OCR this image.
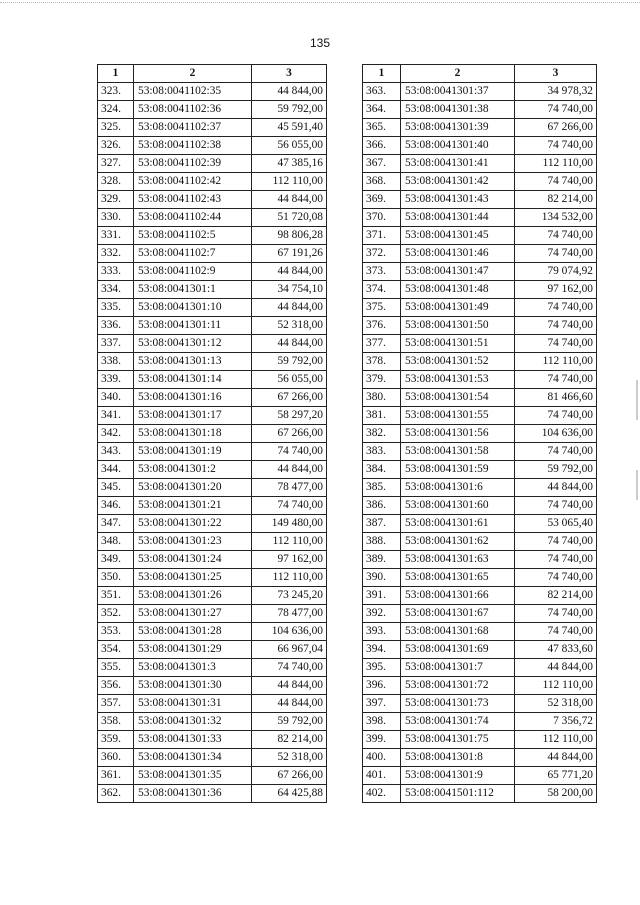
135
1	2	3
323.	53:08:0041102:35	44 844,00
324.	53:08:0041102:36	59 792,00
325.	53:08:0041102:37	45 591,40
326.	53:08:0041102:38	56 055,00
327.	53:08:0041102:39	47 385,16
328.	53:08:0041102:42	112 110,00
329.	53:08:0041102:43	44 844,00
330.	53:08:0041102:44	51 720,08
331.	53:08:0041102:5	98 806,28
332.	53:08:0041102:7	67 191,26
333.	53:08:0041102:9	44 844,00
334.	53:08:0041301:1	34 754,10
335.	53:08:0041301:10	44 844,00
336.	53:08:0041301:11	52 318,00
337.	53:08:0041301:12	44 844,00
338.	53:08:0041301:13	59 792,00
339.	53:08:0041301:14	56 055,00
340.	53:08:0041301:16	67 266,00
341.	53:08:0041301:17	58 297,20
342.	53:08:0041301:18	67 266,00
343.	53:08:0041301:19	74 740,00
344.	53:08:0041301:2	44 844,00
345.	53:08:0041301:20	78 477,00
346.	53:08:0041301:21	74 740,00
347.	53:08:0041301:22	149 480,00
348.	53:08:0041301:23	112 110,00
349.	53:08:0041301:24	97 162,00
350.	53:08:0041301:25	112 110,00
351.	53:08:0041301:26	73 245,20
352.	53:08:0041301:27	78 477,00
353.	53:08:0041301:28	104 636,00
354.	53:08:0041301:29	66 967,04
355.	53:08:0041301:3	74 740,00
356.	53:08:0041301:30	44 844,00
357.	53:08:0041301:31	44 844,00
358.	53:08:0041301:32	59 792,00
359.	53:08:0041301:33	82 214,00
360.	53:08:0041301:34	52 318,00
361.	53:08:0041301:35	67 266,00
362.	53:08:0041301:36	64 425,88
1	2	3
363.	53:08:0041301:37	34 978,32
364.	53:08:0041301:38	74 740,00
365.	53:08:0041301:39	67 266,00
366.	53:08:0041301:40	74 740,00
367.	53:08:0041301:41	112 110,00
368.	53:08:0041301:42	74 740,00
369.	53:08:0041301:43	82 214,00
370.	53:08:0041301:44	134 532,00
371.	53:08:0041301:45	74 740,00
372.	53:08:0041301:46	74 740,00
373.	53:08:0041301:47	79 074,92
374.	53:08:0041301:48	97 162,00
375.	53:08:0041301:49	74 740,00
376.	53:08:0041301:50	74 740,00
377.	53:08:0041301:51	74 740,00
378.	53:08:0041301:52	112 110,00
379.	53:08:0041301:53	74 740,00
380.	53:08:0041301:54	81 466,60
381.	53:08:0041301:55	74 740,00
382.	53:08:0041301:56	104 636,00
383.	53:08:0041301:58	74 740,00
384.	53:08:0041301:59	59 792,00
385.	53:08:0041301:6	44 844,00
386.	53:08:0041301:60	74 740,00
387.	53:08:0041301:61	53 065,40
388.	53:08:0041301:62	74 740,00
389.	53:08:0041301:63	74 740,00
390.	53:08:0041301:65	74 740,00
391.	53:08:0041301:66	82 214,00
392.	53:08:0041301:67	74 740,00
393.	53:08:0041301:68	74 740,00
394.	53:08:0041301:69	47 833,60
395.	53:08:0041301:7	44 844,00
396.	53:08:0041301:72	112 110,00
397.	53:08:0041301:73	52 318,00
398.	53:08:0041301:74	7 356,72
399.	53:08:0041301:75	112 110,00
400.	53:08:0041301:8	44 844,00
401.	53:08:0041301:9	65 771,20
402.	53:08:0041501:112	58 200,00
